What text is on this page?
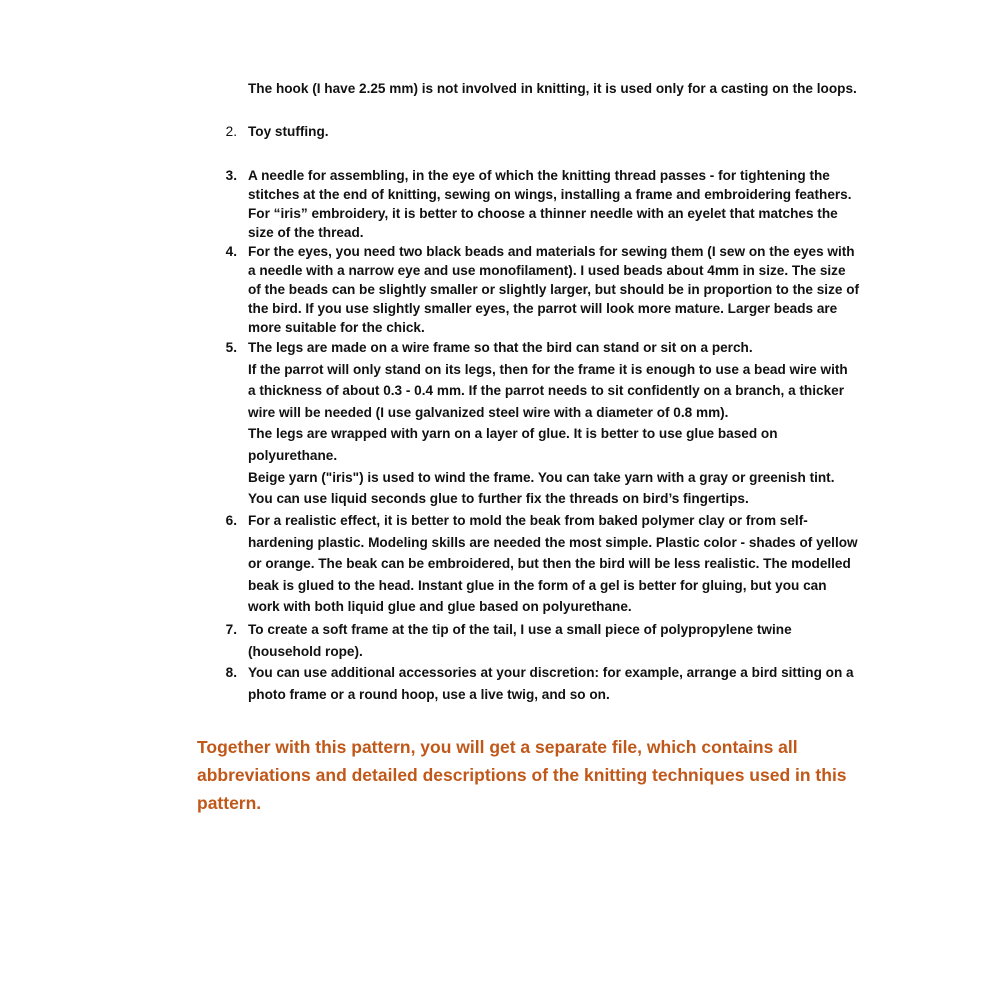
The hook (I have 2.25 mm) is not involved in knitting, it is used only for a casting on the loops.
2. Toy stuffing.

3. A needle for assembling, in the eye of which the knitting thread passes - for tightening the

stitches at the end of knitting, sewing on wings, installing a frame and embroidering feathers.

For “iris” embroidery, it is better to choose a thinner needle with an eyelet that matches the

size of the thread.

4. For the eyes, you need two black beads and materials for sewing them (I sew on the eyes with

a needle with a narrow eye and use monofilament). I used beads about 4mm in size. The size

of the beads can be slightly smaller or slightly larger, but should be in proportion to the size of

the bird. If you use slightly smaller eyes, the parrot will look more mature. Larger beads are

more suitable for the chick.

5. The legs are made on a wire frame so that the bird can stand or sit on a perch.

If the parrot will only stand on its legs, then for the frame it is enough to use a bead wire with

a thickness of about 0.3 - 0.4 mm. If the parrot needs to sit confidently on a branch, a thicker

wire will be needed (I use galvanized steel wire with a diameter of 0.8 mm).

The legs are wrapped with yarn on a layer of glue. It is better to use glue based on

polyurethane.

Beige yarn ("iris") is used to wind the frame. You can take yarn with a gray or greenish tint.

You can use liquid seconds glue to further fix the threads on bird’s fingertips.

6. For a realistic effect, it is better to mold the beak from baked polymer clay or from self-

hardening plastic. Modeling skills are needed the most simple. Plastic color - shades of yellow

or orange. The beak can be embroidered, but then the bird will be less realistic. The modelled

beak is glued to the head. Instant glue in the form of a gel is better for gluing, but you can

work with both liquid glue and glue based on polyurethane.

7. To create a soft frame at the tip of the tail, I use a small piece of polypropylene twine

(household rope).

8. You can use additional accessories at your discretion: for example, arrange a bird sitting on a

photo frame or a round hoop, use a live twig, and so on.

Together with this pattern, you will get a separate file, which contains all

abbreviations and detailed descriptions of the knitting techniques used in this

pattern.
